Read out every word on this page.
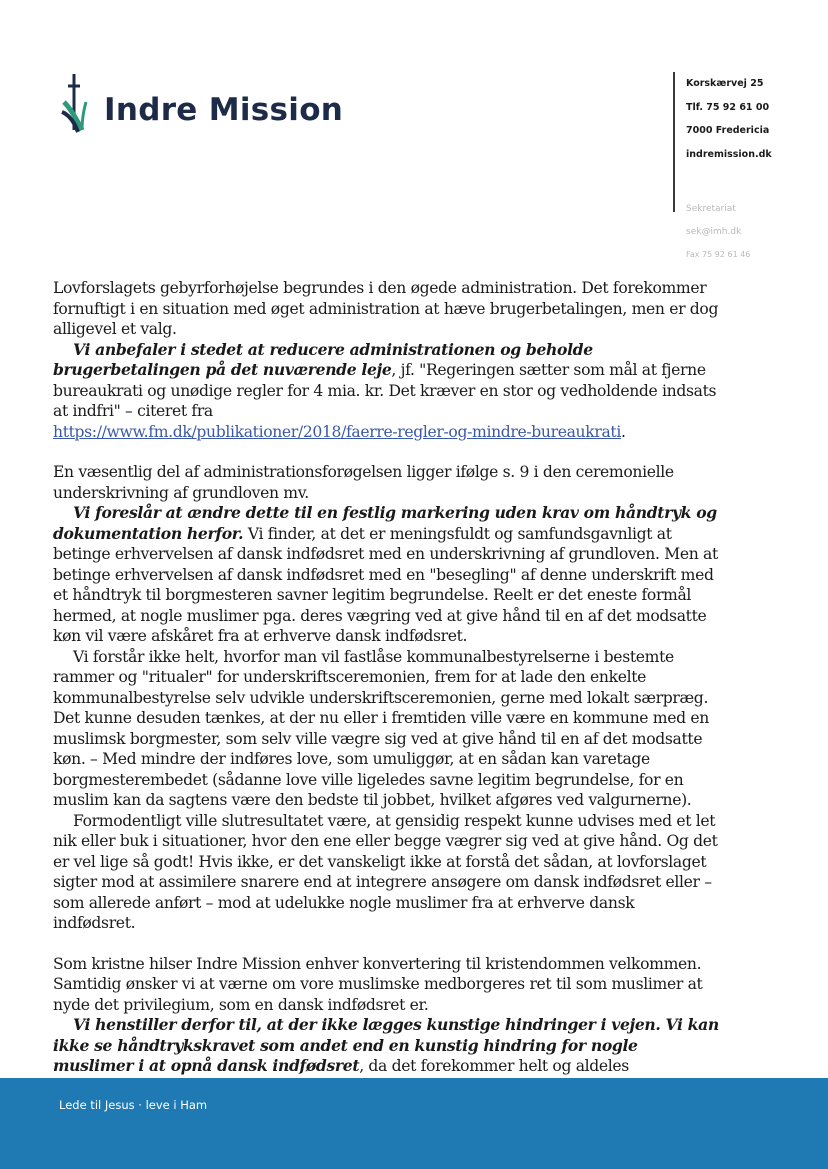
Indre Mission
Korskærvej 25
Tlf. 75 92 61 00
7000 Fredericia
indremission.dk
Sekretariat
sek@imh.dk
Fax 75 92 61 46

Lovforslagets gebyrforhøjelse begrundes i den øgede administration. Det forekommer fornuftigt i en situation med øget administration at hæve brugerbetalingen, men er dog alligevel et valg.

Vi anbefaler i stedet at reducere administrationen og beholde brugerbetalingen på det nuværende leje, jf. "Regeringen sætter som mål at fjerne bureaukrati og unødige regler for 4 mia. kr. Det kræver en stor og vedholdende indsats at indfri" – citeret fra
https://www.fm.dk/publikationer/2018/faerre-regler-og-mindre-bureaukrati.

En væsentlig del af administrationsforøgelsen ligger ifølge s. 9 i den ceremonielle underskrivning af grundloven mv.

Vi foreslår at ændre dette til en festlig markering uden krav om håndtryk og dokumentation herfor. Vi finder, at det er meningsfuldt og samfundsgavnligt at betinge erhvervelsen af dansk indfødsret med en underskrivning af grundloven. Men at betinge erhvervelsen af dansk indfødsret med en "besegling" af denne underskrift med et håndtryk til borgmesteren savner legitim begrundelse. Reelt er det eneste formål hermed, at nogle muslimer pga. deres vægring ved at give hånd til en af det modsatte køn vil være afskåret fra at erhverve dansk indfødsret.

Vi forstår ikke helt, hvorfor man vil fastlåse kommunalbestyrelserne i bestemte rammer og "ritualer" for underskriftsceremonien, frem for at lade den enkelte kommunalbestyrelse selv udvikle underskriftsceremonien, gerne med lokalt særpræg. Det kunne desuden tænkes, at der nu eller i fremtiden ville være en kommune med en muslimsk borgmester, som selv ville vægre sig ved at give hånd til en af det modsatte køn. – Med mindre der indføres love, som umuliggør, at en sådan kan varetage borgmesterembedet (sådanne love ville ligeledes savne legitim begrundelse, for en muslim kan da sagtens være den bedste til jobbet, hvilket afgøres ved valgurnerne).

Formodentligt ville slutresultatet være, at gensidig respekt kunne udvises med et let nik eller buk i situationer, hvor den ene eller begge vægrer sig ved at give hånd. Og det er vel lige så godt! Hvis ikke, er det vanskeligt ikke at forstå det sådan, at lovforslaget sigter mod at assimilere snarere end at integrere ansøgere om dansk indfødsret eller – som allerede anført – mod at udelukke nogle muslimer fra at erhverve dansk indfødsret.

Som kristne hilser Indre Mission enhver konvertering til kristendommen velkommen. Samtidig ønsker vi at værne om vore muslimske medborgeres ret til som muslimer at nyde det privilegium, som en dansk indfødsret er.

Vi henstiller derfor til, at der ikke lægges kunstige hindringer i vejen. Vi kan ikke se håndtrykskravet som andet end en kunstig hindring for nogle muslimer i at opnå dansk indfødsret, da det forekommer helt og aldeles

Lede til Jesus · leve i Ham
